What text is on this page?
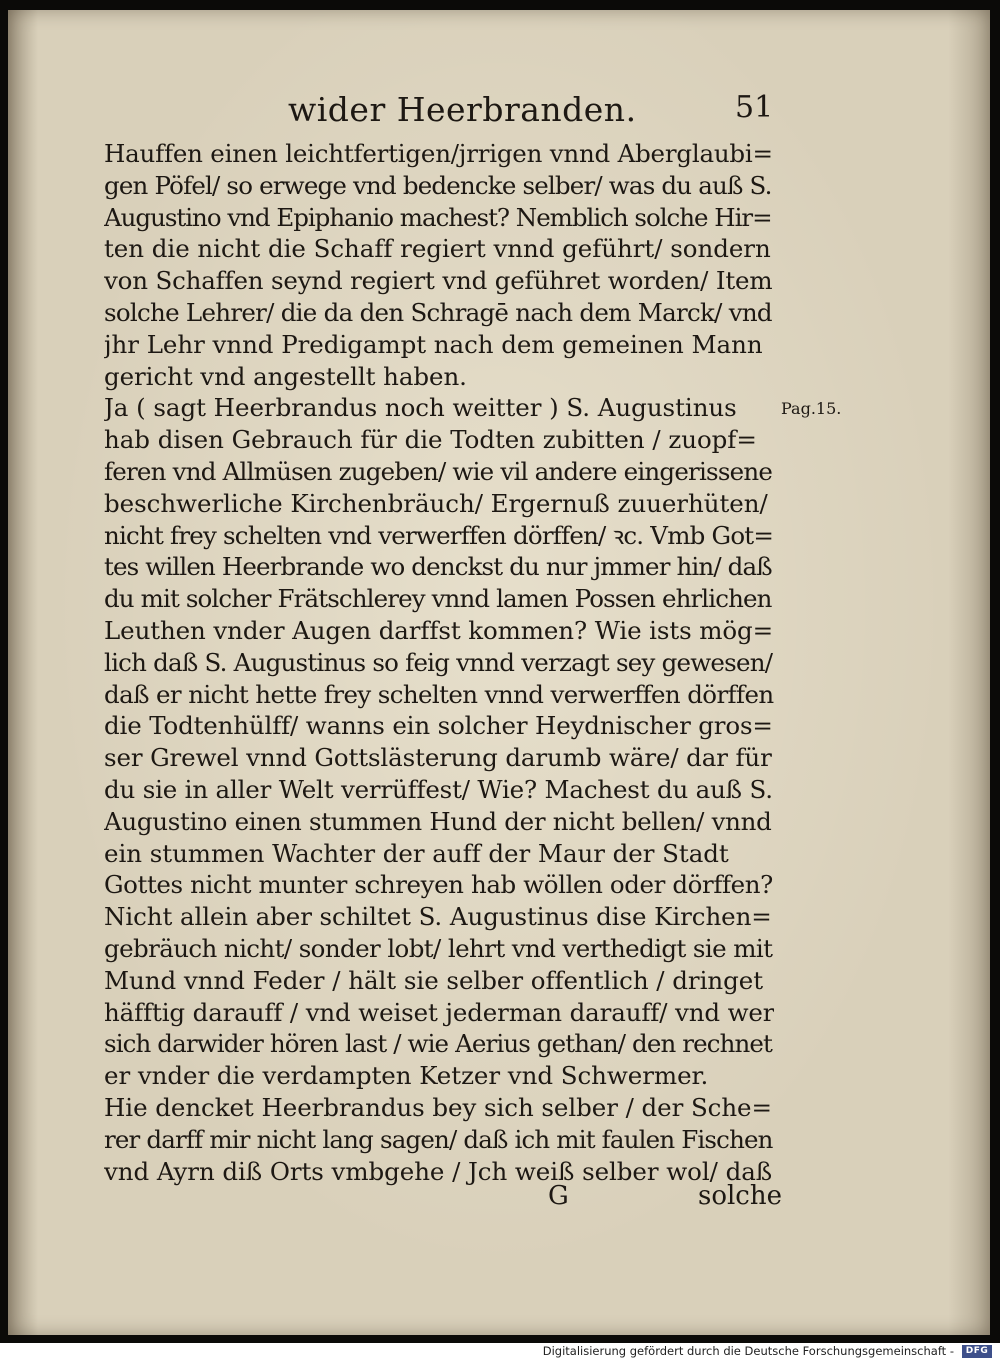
wider Heerbranden.	51
Hauffen einen leichtfertigen/jrrigen vnnd Aberglaubi=
gen Pöfel/ so erwege vnd bedencke selber/ was du auß S.
Augustino vnd Epiphanio machest? Nemblich solche Hir=
ten die nicht die Schaff regiert vnnd geführt/ sondern
von Schaffen seynd regiert vnd geführet worden/ Item
solche Lehrer/ die da den Schragē nach dem Marck/ vnd
jhr Lehr vnnd Predigampt nach dem gemeinen Mann
gericht vnd angestellt haben.
Ja ( sagt Heerbrandus noch weitter ) S. Augustinus
hab disen Gebrauch für die Todten zubitten / zuopf=
feren vnd Allmüsen zugeben/ wie vil andere eingerissene
beschwerliche Kirchenbräuch/ Ergernuß zuuerhüten/
nicht frey schelten vnd verwerffen dörffen/ ꝛc. Vmb Got=
tes willen Heerbrande wo denckst du nur jmmer hin/ daß
du mit solcher Frätschlerey vnnd lamen Possen ehrlichen
Leuthen vnder Augen darffst kommen? Wie ists mög=
lich daß S. Augustinus so feig vnnd verzagt sey gewesen/
daß er nicht hette frey schelten vnnd verwerffen dörffen
die Todtenhülff/ wanns ein solcher Heydnischer gros=
ser Grewel vnnd Gottslästerung darumb wäre/ dar für
du sie in aller Welt verrüffest/ Wie? Machest du auß S.
Augustino einen stummen Hund der nicht bellen/ vnnd
ein stummen Wachter der auff der Maur der Stadt
Gottes nicht munter schreyen hab wöllen oder dörffen?
Nicht allein aber schiltet S. Augustinus dise Kirchen=
gebräuch nicht/ sonder lobt/ lehrt vnd verthedigt sie mit
Mund vnnd Feder / hält sie selber offentlich / dringet
häfftig darauff / vnd weiset jederman darauff/ vnd wer
sich darwider hören last / wie Aerius gethan/ den rechnet
er vnder die verdampten Ketzer vnd Schwermer.
Hie dencket Heerbrandus bey sich selber / der Sche=
rer darff mir nicht lang sagen/ daß ich mit faulen Fischen
vnd Ayrn diß Orts vmbgehe / Jch weiß selber wol/ daß
Pag.15.
G	solche
Digitalisierung gefördert durch die Deutsche Forschungsgemeinschaft -	DFG
